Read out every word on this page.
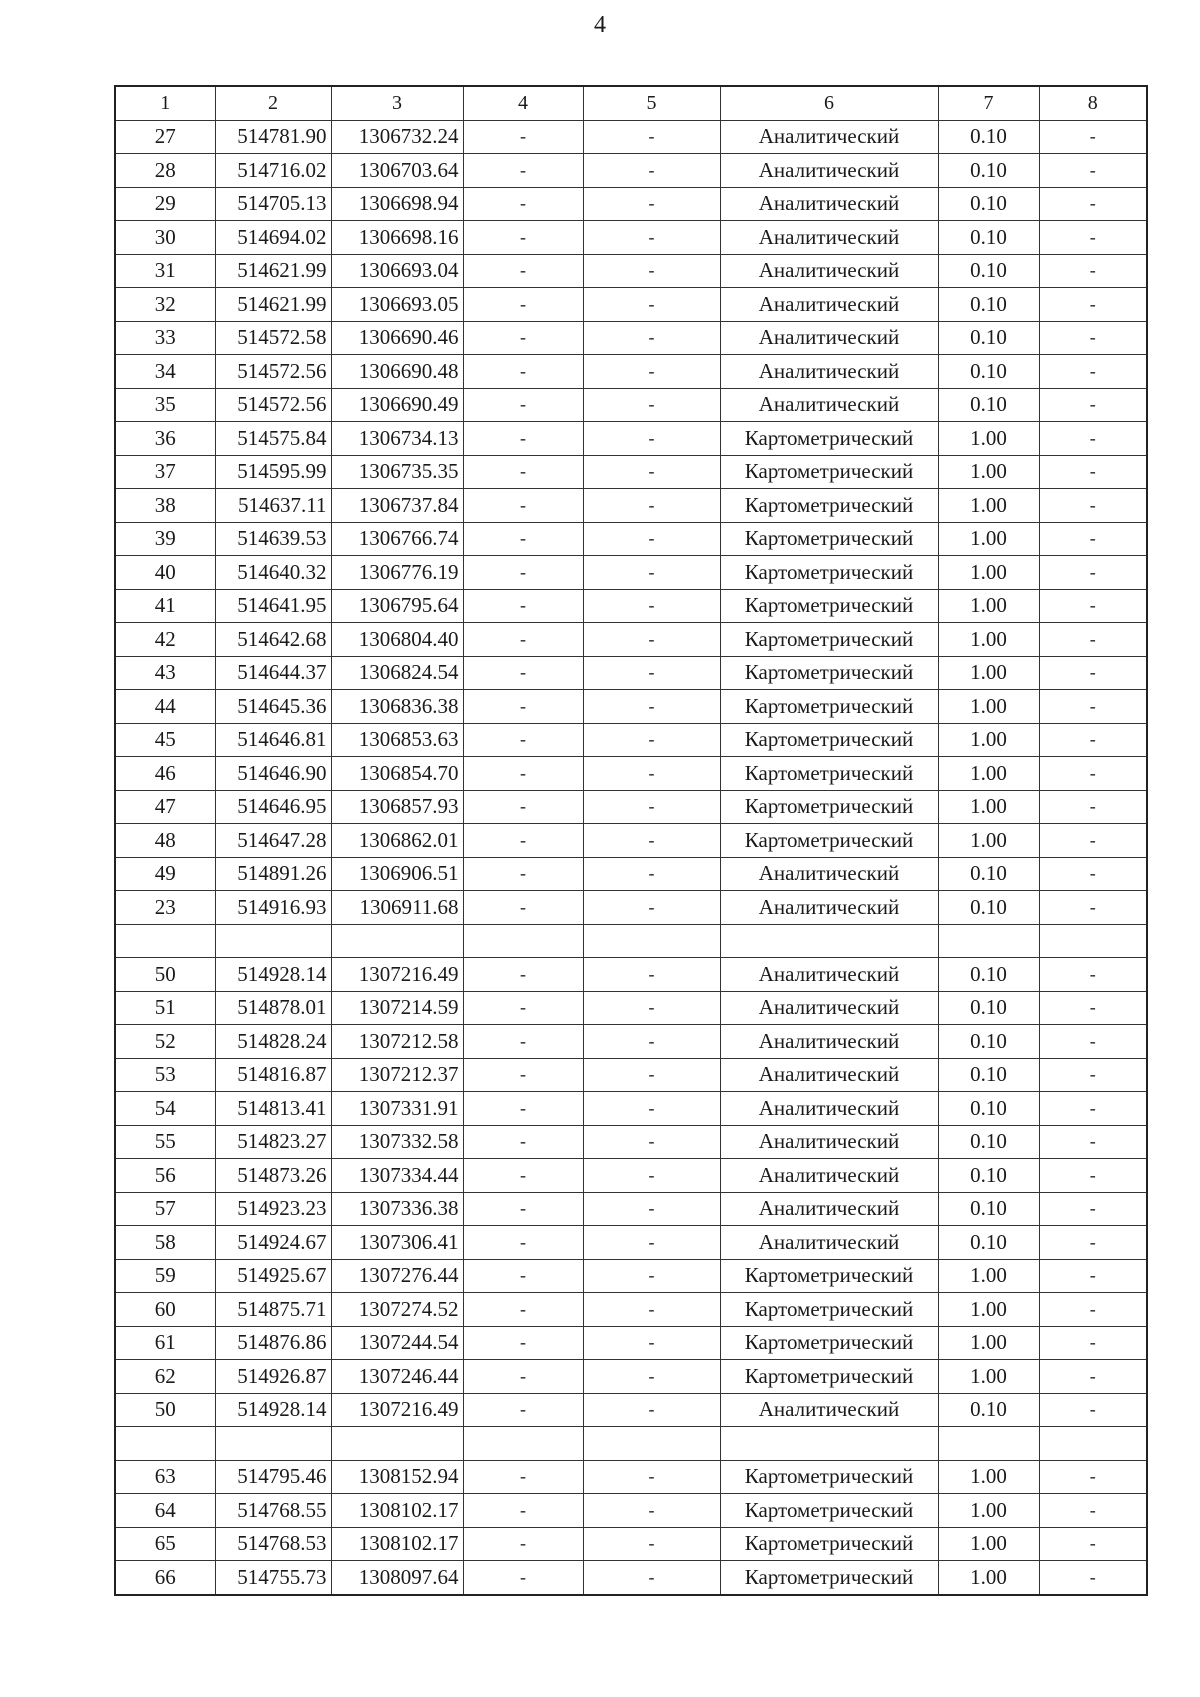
4
1	2	3	4	5	6	7	8
27	514781.90	1306732.24	-	-	Аналитический	0.10	-
28	514716.02	1306703.64	-	-	Аналитический	0.10	-
29	514705.13	1306698.94	-	-	Аналитический	0.10	-
30	514694.02	1306698.16	-	-	Аналитический	0.10	-
31	514621.99	1306693.04	-	-	Аналитический	0.10	-
32	514621.99	1306693.05	-	-	Аналитический	0.10	-
33	514572.58	1306690.46	-	-	Аналитический	0.10	-
34	514572.56	1306690.48	-	-	Аналитический	0.10	-
35	514572.56	1306690.49	-	-	Аналитический	0.10	-
36	514575.84	1306734.13	-	-	Картометрический	1.00	-
37	514595.99	1306735.35	-	-	Картометрический	1.00	-
38	514637.11	1306737.84	-	-	Картометрический	1.00	-
39	514639.53	1306766.74	-	-	Картометрический	1.00	-
40	514640.32	1306776.19	-	-	Картометрический	1.00	-
41	514641.95	1306795.64	-	-	Картометрический	1.00	-
42	514642.68	1306804.40	-	-	Картометрический	1.00	-
43	514644.37	1306824.54	-	-	Картометрический	1.00	-
44	514645.36	1306836.38	-	-	Картометрический	1.00	-
45	514646.81	1306853.63	-	-	Картометрический	1.00	-
46	514646.90	1306854.70	-	-	Картометрический	1.00	-
47	514646.95	1306857.93	-	-	Картометрический	1.00	-
48	514647.28	1306862.01	-	-	Картометрический	1.00	-
49	514891.26	1306906.51	-	-	Аналитический	0.10	-
23	514916.93	1306911.68	-	-	Аналитический	0.10	-

50	514928.14	1307216.49	-	-	Аналитический	0.10	-
51	514878.01	1307214.59	-	-	Аналитический	0.10	-
52	514828.24	1307212.58	-	-	Аналитический	0.10	-
53	514816.87	1307212.37	-	-	Аналитический	0.10	-
54	514813.41	1307331.91	-	-	Аналитический	0.10	-
55	514823.27	1307332.58	-	-	Аналитический	0.10	-
56	514873.26	1307334.44	-	-	Аналитический	0.10	-
57	514923.23	1307336.38	-	-	Аналитический	0.10	-
58	514924.67	1307306.41	-	-	Аналитический	0.10	-
59	514925.67	1307276.44	-	-	Картометрический	1.00	-
60	514875.71	1307274.52	-	-	Картометрический	1.00	-
61	514876.86	1307244.54	-	-	Картометрический	1.00	-
62	514926.87	1307246.44	-	-	Картометрический	1.00	-
50	514928.14	1307216.49	-	-	Аналитический	0.10	-

63	514795.46	1308152.94	-	-	Картометрический	1.00	-
64	514768.55	1308102.17	-	-	Картометрический	1.00	-
65	514768.53	1308102.17	-	-	Картометрический	1.00	-
66	514755.73	1308097.64	-	-	Картометрический	1.00	-
